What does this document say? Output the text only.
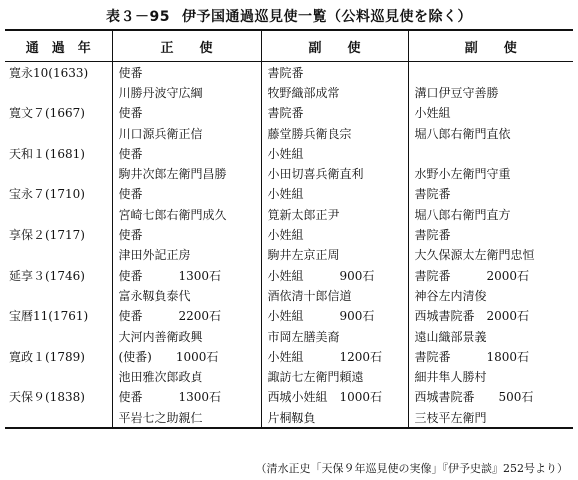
表３－95 伊予国通過巡見使一覧（公料巡見使を除く）
通　過　年	正　　使	副　　使	副　　使
寛永10(1633)	使番	書院番	
	川勝丹波守広綱	牧野織部成常	溝口伊豆守善勝
寛文７(1667)	使番	書院番	小姓組
	川口源兵衛正信	藤堂勝兵衛良宗	堀八郎右衛門直依
天和１(1681)	使番	小姓組	
	駒井次郎左衛門昌勝	小田切喜兵衛直利	水野小左衛門守重
宝永７(1710)	使番	小姓組	書院番
	宮崎七郎右衛門成久	筧新太郎正尹	堀八郎右衛門直方
享保２(1717)	使番	小姓組	書院番
	津田外記正房	駒井左京正周	大久保源太左衛門忠恒
延享３(1746)	使番　　　1300石	小姓組　　　900石	書院番　　　2000石
	富永靱負泰代	酒依清十郎信道	神谷左内清俊
宝暦11(1761)	使番　　　2200石	小姓組　　　900石	西城書院番　2000石
	大河内善衛政興	市岡左膳美裔	遠山織部景義
寛政１(1789)	(使番)　　1000石	小姓組　　　1200石	書院番　　　1800石
	池田雅次郎政貞	諏訪七左衛門頼遠	細井隼人勝村
天保９(1838)	使番　　　1300石	西城小姓組　1000石	西城書院番　　500石
	平岩七之助親仁	片桐靱負	三枝平左衛門
（清水正史「天保９年巡見使の実像」『伊予史談』252号より）
